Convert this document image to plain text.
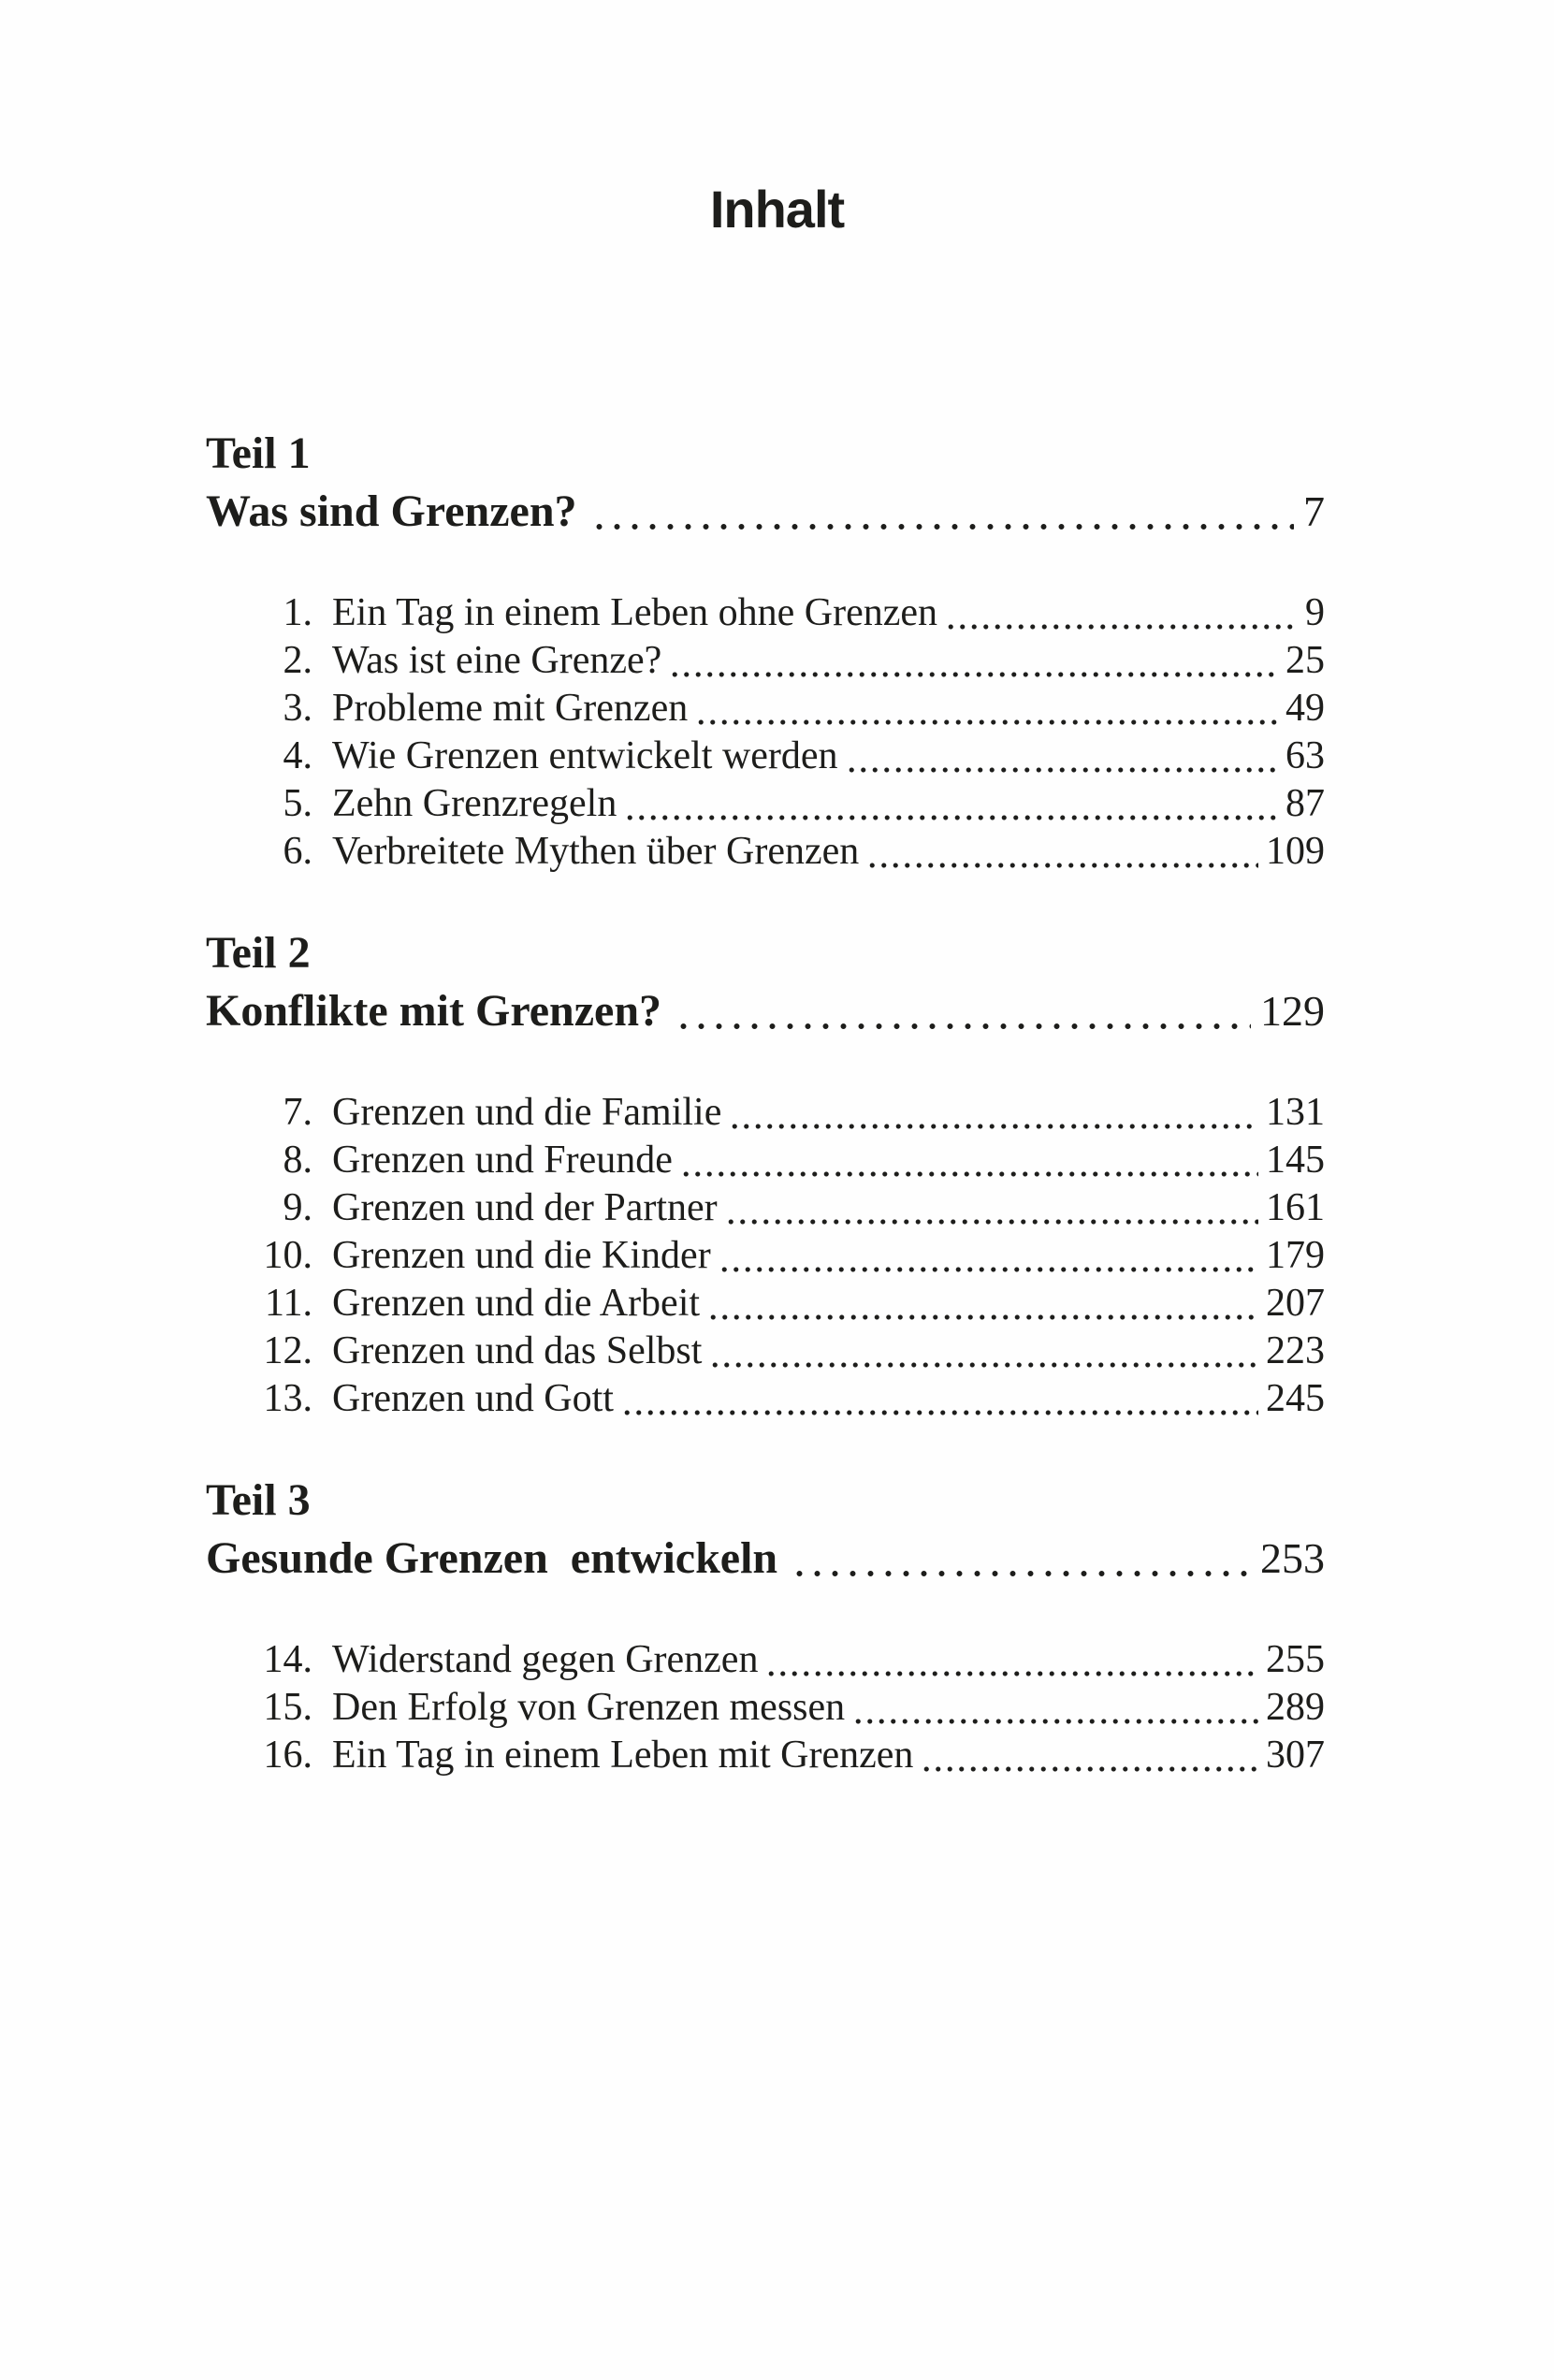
Inhalt
Teil 1
Was sind Grenzen?	7
1. Ein Tag in einem Leben ohne Grenzen	9
2. Was ist eine Grenze?	25
3. Probleme mit Grenzen	49
4. Wie Grenzen entwickelt werden	63
5. Zehn Grenzregeln	87
6. Verbreitete Mythen über Grenzen	109
Teil 2
Konflikte mit Grenzen?	129
7. Grenzen und die Familie	131
8. Grenzen und Freunde	145
9. Grenzen und der Partner	161
10. Grenzen und die Kinder	179
11. Grenzen und die Arbeit	207
12. Grenzen und das Selbst	223
13. Grenzen und Gott	245
Teil 3
Gesunde Grenzen  entwickeln	253
14. Widerstand gegen Grenzen	255
15. Den Erfolg von Grenzen messen	289
16. Ein Tag in einem Leben mit Grenzen	307
